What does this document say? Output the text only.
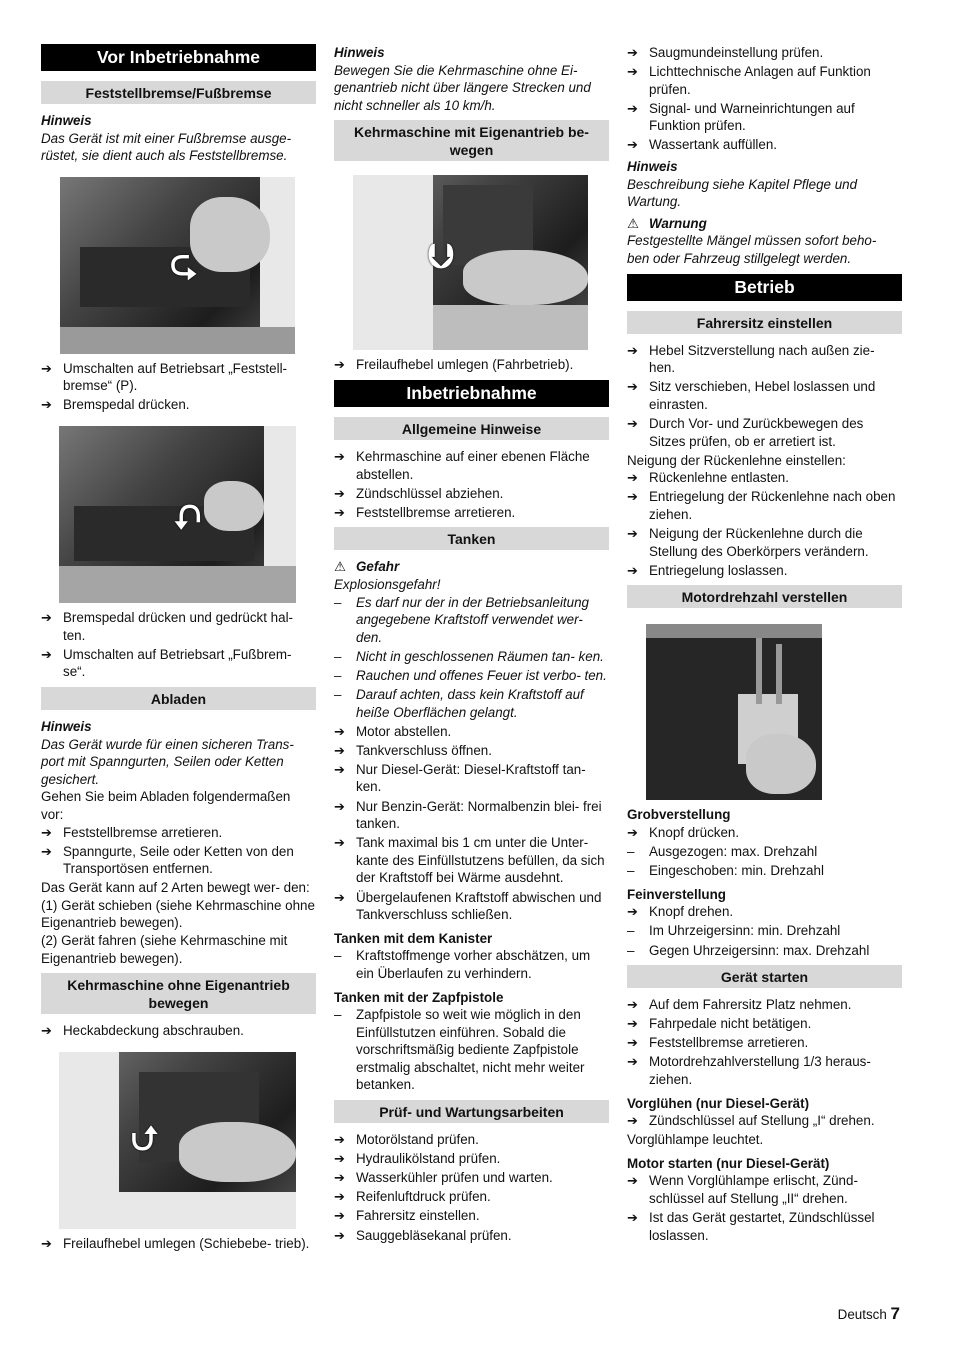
Vor Inbetriebnahme
Feststellbremse/Fußbremse
Hinweis

Das Gerät ist mit einer Fußbremse ausge- rüstet, sie dient auch als Feststellbremse.

⮎
➔ Umschalten auf Betriebsart „Feststell- bremse“ (P).
➔ Bremspedal drücken.
⮏
➔ Bremspedal drücken und gedrückt hal- ten.
➔ Umschalten auf Betriebsart „Fußbrem- se“.
Abladen
Hinweis

Das Gerät wurde für einen sicheren Trans- port mit Spanngurten, Seilen oder Ketten gesichert.

Gehen Sie beim Abladen folgendermaßen vor:

➔ Feststellbremse arretieren.
➔ Spanngurte, Seile oder Ketten von den Transportösen entfernen.

Das Gerät kann auf 2 Arten bewegt wer- den:

(1) Gerät schieben (siehe Kehrmaschine ohne Eigenantrieb bewegen).

(2) Gerät fahren (siehe Kehrmaschine mit Eigenantrieb bewegen).

Kehrmaschine ohne Eigenantrieb bewegen
➔ Heckabdeckung abschrauben.
⮍
➔ Freilaufhebel umlegen (Schiebebe- trieb).
Hinweis

Bewegen Sie die Kehrmaschine ohne Ei- genantrieb nicht über längere Strecken und nicht schneller als 10 km/h.

Kehrmaschine mit Eigenantrieb be- wegen
⮋
➔ Freilaufhebel umlegen (Fahrbetrieb).
Inbetriebnahme
Allgemeine Hinweise
➔ Kehrmaschine auf einer ebenen Fläche abstellen.
➔ Zündschlüssel abziehen.
➔ Feststellbremse arretieren.
Tanken
⚠ Gefahr

Explosionsgefahr!

– Es darf nur der in der Betriebsanleitung angegebene Kraftstoff verwendet wer- den.
– Nicht in geschlossenen Räumen tan- ken.
– Rauchen und offenes Feuer ist verbo- ten.
– Darauf achten, dass kein Kraftstoff auf heiße Oberflächen gelangt.
➔ Motor abstellen.
➔ Tankverschluss öffnen.
➔ Nur Diesel-Gerät: Diesel-Kraftstoff tan- ken.
➔ Nur Benzin-Gerät: Normalbenzin blei- frei tanken.
➔ Tank maximal bis 1 cm unter die Unter- kante des Einfüllstutzens befüllen, da sich der Kraftstoff bei Wärme ausdehnt.
➔ Übergelaufenen Kraftstoff abwischen und Tankverschluss schließen.
Tanken mit dem Kanister
– Kraftstoffmenge vorher abschätzen, um ein Überlaufen zu verhindern.
Tanken mit der Zapfpistole
– Zapfpistole so weit wie möglich in den Einfüllstutzen einführen. Sobald die vorschriftsmäßig bediente Zapfpistole erstmalig abschaltet, nicht mehr weiter betanken.
Prüf- und Wartungsarbeiten
➔ Motorölstand prüfen.
➔ Hydraulikölstand prüfen.
➔ Wasserkühler prüfen und warten.
➔ Reifenluftdruck prüfen.
➔ Fahrersitz einstellen.
➔ Sauggebläsekanal prüfen.
➔ Saugmundeinstellung prüfen.
➔ Lichttechnische Anlagen auf Funktion prüfen.
➔ Signal- und Warneinrichtungen auf Funktion prüfen.
➔ Wassertank auffüllen.
Hinweis

Beschreibung siehe Kapitel Pflege und Wartung.

⚠ Warnung

Festgestellte Mängel müssen sofort beho- ben oder Fahrzeug stillgelegt werden.

Betrieb
Fahrersitz einstellen
➔ Hebel Sitzverstellung nach außen zie- hen.
➔ Sitz verschieben, Hebel loslassen und einrasten.
➔ Durch Vor- und Zurückbewegen des Sitzes prüfen, ob er arretiert ist.

Neigung der Rückenlehne einstellen:

➔ Rückenlehne entlasten.
➔ Entriegelung der Rückenlehne nach oben ziehen.
➔ Neigung der Rückenlehne durch die Stellung des Oberkörpers verändern.
➔ Entriegelung loslassen.
Motordrehzahl verstellen
Grobverstellung
➔ Knopf drücken.
– Ausgezogen: max. Drehzahl
– Eingeschoben: min. Drehzahl
Feinverstellung
➔ Knopf drehen.
– Im Uhrzeigersinn: min. Drehzahl
– Gegen Uhrzeigersinn: max. Drehzahl
Gerät starten
➔ Auf dem Fahrersitz Platz nehmen.
➔ Fahrpedale nicht betätigen.
➔ Feststellbremse arretieren.
➔ Motordrehzahlverstellung 1/3 heraus- ziehen.
Vorglühen (nur Diesel-Gerät)
➔ Zündschlüssel auf Stellung „I“ drehen.

Vorglühlampe leuchtet.

Motor starten (nur Diesel-Gerät)
➔ Wenn Vorglühlampe erlischt, Zünd- schlüssel auf Stellung „II“ drehen.
➔ Ist das Gerät gestartet, Zündschlüssel loslassen.
Deutsch 7
